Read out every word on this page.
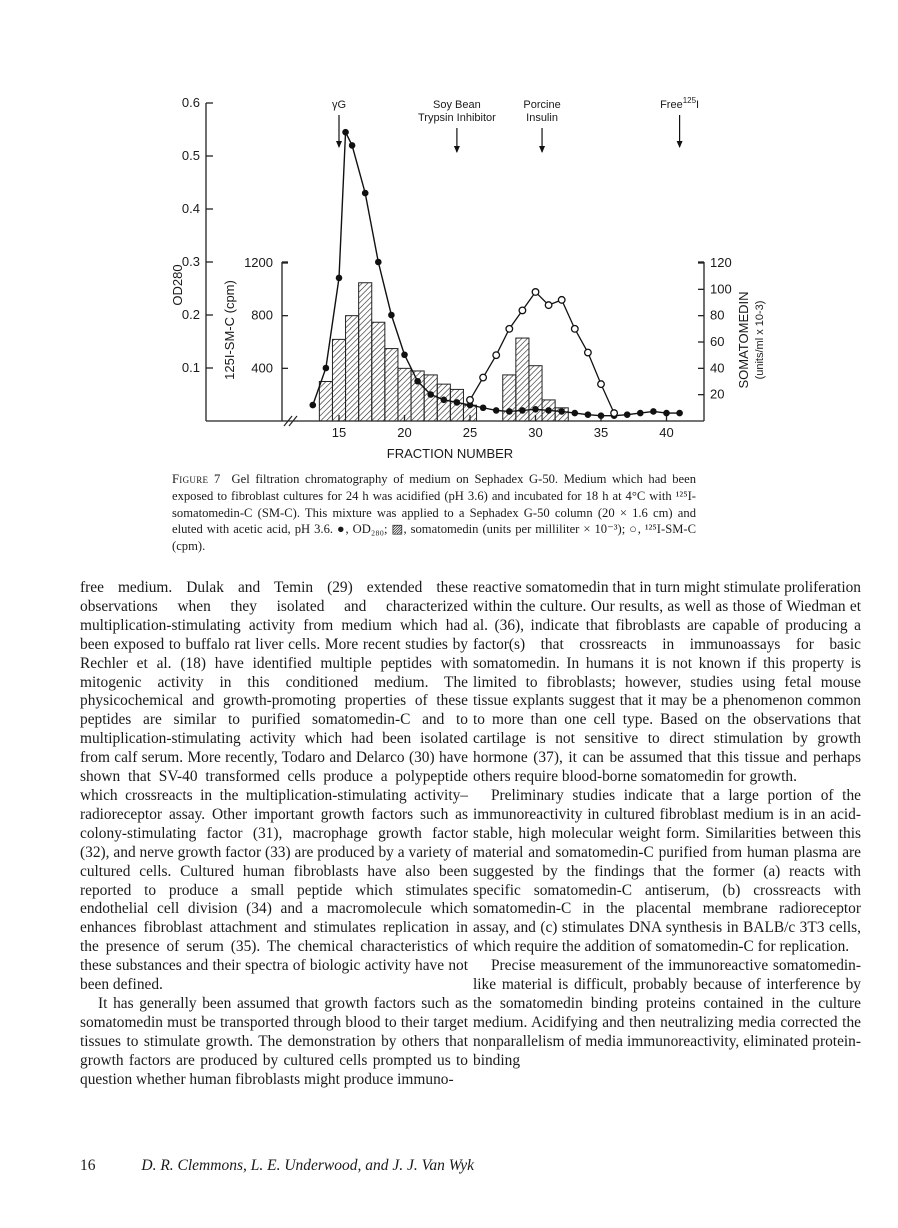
0.1
0.2
0.3
0.4
0.5
0.6
OD280
400
800
1200
125I-SM-C (cpm)
20
40
60
80
100
120
SOMATOMEDIN (units/ml x 10-3)
15	20	25	30	35	40
FRACTION NUMBER
γG	Soy Bean
Trypsin Inhibitor
Porcine
Insulin
Free$^{125}$I
Figure 7 Gel filtration chromatography of medium on Sephadex G-50. Medium which had been exposed to fibroblast cultures for 24 h was acidified (pH 3.6) and incubated for 18 h at 4°C with ¹²⁵I-somatomedin-C (SM-C). This mixture was applied to a Sephadex G-50 column (20 × 1.6 cm) and eluted with acetic acid, pH 3.6. ●, OD₂₈₀; ▨, somatomedin (units per milliliter × 10⁻³); ○, ¹²⁵I-SM-C (cpm).

free medium. Dulak and Temin (29) extended these observations when they isolated and characterized multiplication-stimulating activity from medium which had been exposed to buffalo rat liver cells. More recent studies by Rechler et al. (18) have identified multiple peptides with mitogenic activity in this conditioned medium. The physicochemical and growth-promoting properties of these peptides are similar to purified somatomedin-C and to multiplication-stimulating activity which had been isolated from calf serum. More recently, Todaro and Delarco (30) have shown that SV-40 transformed cells produce a polypeptide which crossreacts in the multiplication-stimulating activity–radioreceptor assay. Other important growth factors such as colony-stimulating factor (31), macrophage growth factor (32), and nerve growth factor (33) are produced by a variety of cultured cells. Cultured human fibroblasts have also been reported to produce a small peptide which stimulates endothelial cell division (34) and a macromolecule which enhances fibroblast attachment and stimulates replication in the presence of serum (35). The chemical characteristics of these substances and their spectra of biologic activity have not been defined.

It has generally been assumed that growth factors such as somatomedin must be transported through blood to their target tissues to stimulate growth. The demonstration by others that growth factors are produced by cultured cells prompted us to question whether human fibroblasts might produce immuno-

reactive somatomedin that in turn might stimulate proliferation within the culture. Our results, as well as those of Wiedman et al. (36), indicate that fibroblasts are capable of producing a factor(s) that crossreacts in immunoassays for basic somatomedin. In humans it is not known if this property is limited to fibroblasts; however, studies using fetal mouse tissue explants suggest that it may be a phenomenon common to more than one cell type. Based on the observations that cartilage is not sensitive to direct stimulation by growth hormone (37), it can be assumed that this tissue and perhaps others require blood-borne somatomedin for growth.

Preliminary studies indicate that a large portion of the immunoreactivity in cultured fibroblast medium is in an acid-stable, high molecular weight form. Similarities between this material and somatomedin-C purified from human plasma are suggested by the findings that the former (a) reacts with specific somatomedin-C antiserum, (b) crossreacts with somatomedin-C in the placental membrane radioreceptor assay, and (c) stimulates DNA synthesis in BALB/c 3T3 cells, which require the addition of somatomedin-C for replication.

Precise measurement of the immunoreactive somatomedin-like material is difficult, probably because of interference by the somatomedin binding proteins contained in the culture medium. Acidifying and then neutralizing media corrected the nonparallelism of media immunoreactivity, eliminated protein-binding

16	D. R. Clemmons, L. E. Underwood, and J. J. Van Wyk
